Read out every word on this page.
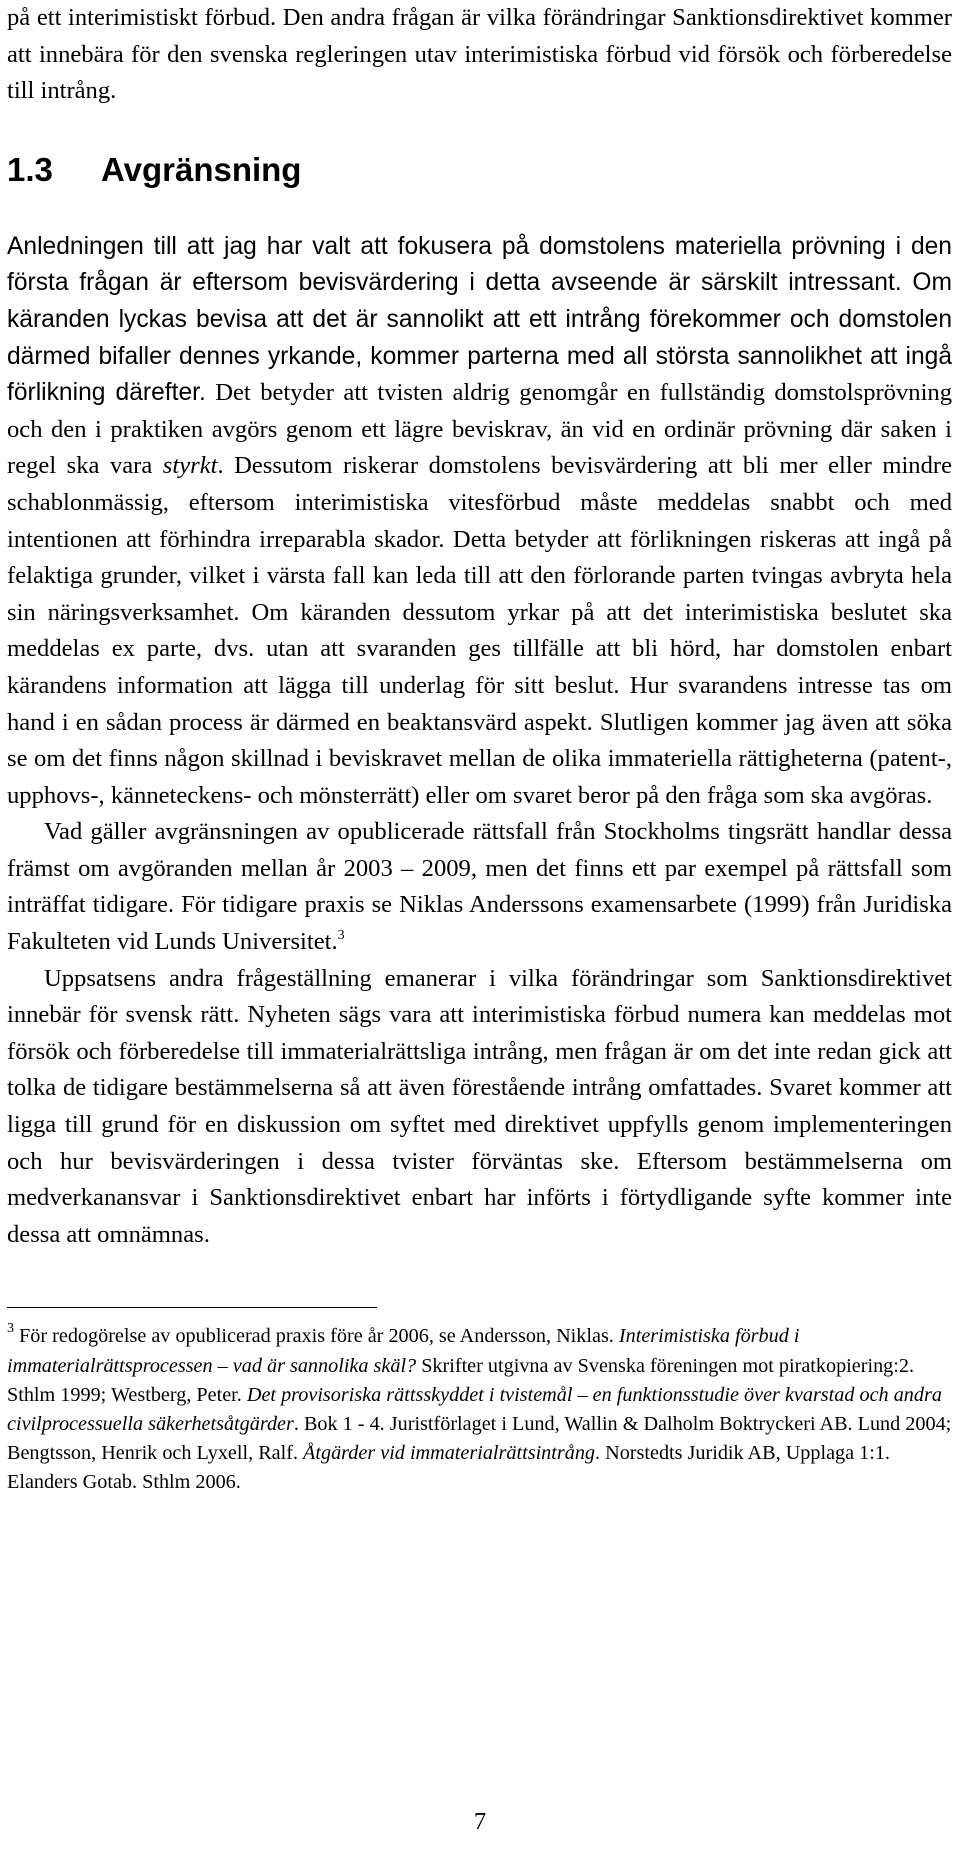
på ett interimistiskt förbud. Den andra frågan är vilka förändringar Sanktionsdirektivet kommer att innebära för den svenska regleringen utav interimistiska förbud vid försök och förberedelse till intrång.

1.3	Avgränsning

Anledningen till att jag har valt att fokusera på domstolens materiella prövning i den första frågan är eftersom bevisvärdering i detta avseende är särskilt intressant. Om käranden lyckas bevisa att det är sannolikt att ett intrång förekommer och domstolen därmed bifaller dennes yrkande, kommer parterna med all största sannolikhet att ingå förlikning därefter. Det betyder att tvisten aldrig genomgår en fullständig domstolsprövning och den i praktiken avgörs genom ett lägre beviskrav, än vid en ordinär prövning där saken i regel ska vara styrkt. Dessutom riskerar domstolens bevisvärdering att bli mer eller mindre schablonmässig, eftersom interimistiska vitesförbud måste meddelas snabbt och med intentionen att förhindra irreparabla skador. Detta betyder att förlikningen riskeras att ingå på felaktiga grunder, vilket i värsta fall kan leda till att den förlorande parten tvingas avbryta hela sin näringsverksamhet. Om käranden dessutom yrkar på att det interimistiska beslutet ska meddelas ex parte, dvs. utan att svaranden ges tillfälle att bli hörd, har domstolen enbart kärandens information att lägga till underlag för sitt beslut. Hur svarandens intresse tas om hand i en sådan process är därmed en beaktansvärd aspekt. Slutligen kommer jag även att söka se om det finns någon skillnad i beviskravet mellan de olika immateriella rättigheterna (patent-, upphovs-, känneteckens- och mönsterrätt) eller om svaret beror på den fråga som ska avgöras.

Vad gäller avgränsningen av opublicerade rättsfall från Stockholms tingsrätt handlar dessa främst om avgöranden mellan år 2003 – 2009, men det finns ett par exempel på rättsfall som inträffat tidigare. För tidigare praxis se Niklas Anderssons examensarbete (1999) från Juridiska Fakulteten vid Lunds Universitet.$^3$

Uppsatsens andra frågeställning emanerar i vilka förändringar som Sanktionsdirektivet innebär för svensk rätt. Nyheten sägs vara att interimistiska förbud numera kan meddelas mot försök och förberedelse till immaterialrättsliga intrång, men frågan är om det inte redan gick att tolka de tidigare bestämmelserna så att även förestående intrång omfattades. Svaret kommer att ligga till grund för en diskussion om syftet med direktivet uppfylls genom implementeringen och hur bevisvärderingen i dessa tvister förväntas ske. Eftersom bestämmelserna om medverkanansvar i Sanktionsdirektivet enbart har införts i förtydligande syfte kommer inte dessa att omnämnas.

$^3$ För redogörelse av opublicerad praxis före år 2006, se Andersson, Niklas. Interimistiska förbud i immaterialrättsprocessen – vad är sannolika skäl? Skrifter utgivna av Svenska föreningen mot piratkopiering:2. Sthlm 1999; Westberg, Peter. Det provisoriska rättsskyddet i tvistemål – en funktionsstudie över kvarstad och andra civilprocessuella säkerhetsåtgärder. Bok 1 - 4. Juristförlaget i Lund, Wallin & Dalholm Boktryckeri AB. Lund 2004; Bengtsson, Henrik och Lyxell, Ralf. Åtgärder vid immaterialrättsintrång. Norstedts Juridik AB, Upplaga 1:1. Elanders Gotab. Sthlm 2006.

7
